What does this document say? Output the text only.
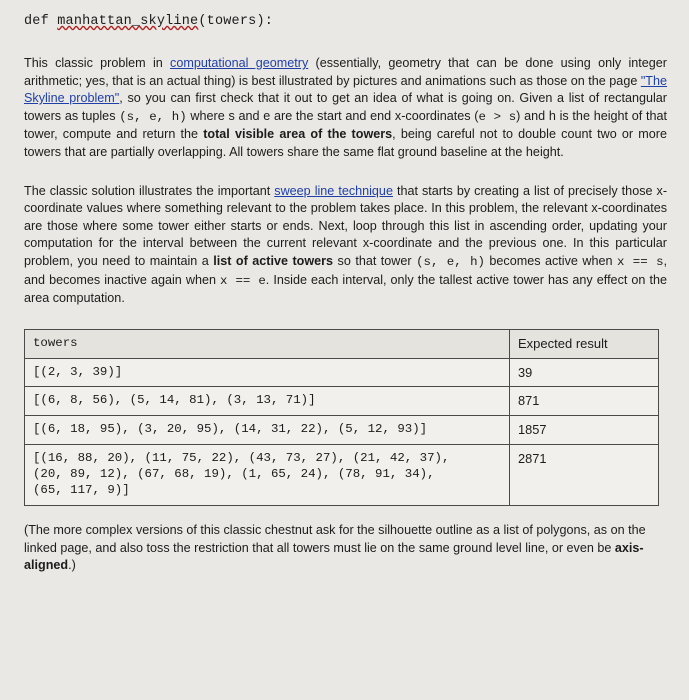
def manhattan_skyline(towers):

This classic problem in computational geometry (essentially, geometry that can be done using only integer arithmetic; yes, that is an actual thing) is best illustrated by pictures and animations such as those on the page "The Skyline problem", so you can first check that it out to get an idea of what is going on. Given a list of rectangular towers as tuples (s, e, h) where s and e are the start and end x-coordinates (e > s) and h is the height of that tower, compute and return the total visible area of the towers, being careful not to double count two or more towers that are partially overlapping. All towers share the same flat ground baseline at the height.

The classic solution illustrates the important sweep line technique that starts by creating a list of precisely those x-coordinate values where something relevant to the problem takes place. In this problem, the relevant x-coordinates are those where some tower either starts or ends. Next, loop through this list in ascending order, updating your computation for the interval between the current relevant x-coordinate and the previous one. In this particular problem, you need to maintain a list of active towers so that tower (s, e, h) becomes active when x == s, and becomes inactive again when x == e. Inside each interval, only the tallest active tower has any effect on the area computation.

towers	Expected result
[(2, 3, 39)]	39
[(6, 8, 56), (5, 14, 81), (3, 13, 71)]	871
[(6, 18, 95), (3, 20, 95), (14, 31, 22), (5, 12, 93)]	1857
[(16, 88, 20), (11, 75, 22), (43, 73, 27), (21, 42, 37),
(20, 89, 12), (67, 68, 19), (1, 65, 24), (78, 91, 34),
(65, 117, 9)]	2871

(The more complex versions of this classic chestnut ask for the silhouette outline as a list of polygons, as on the linked page, and also toss the restriction that all towers must lie on the same ground level line, or even be axis-aligned.)
